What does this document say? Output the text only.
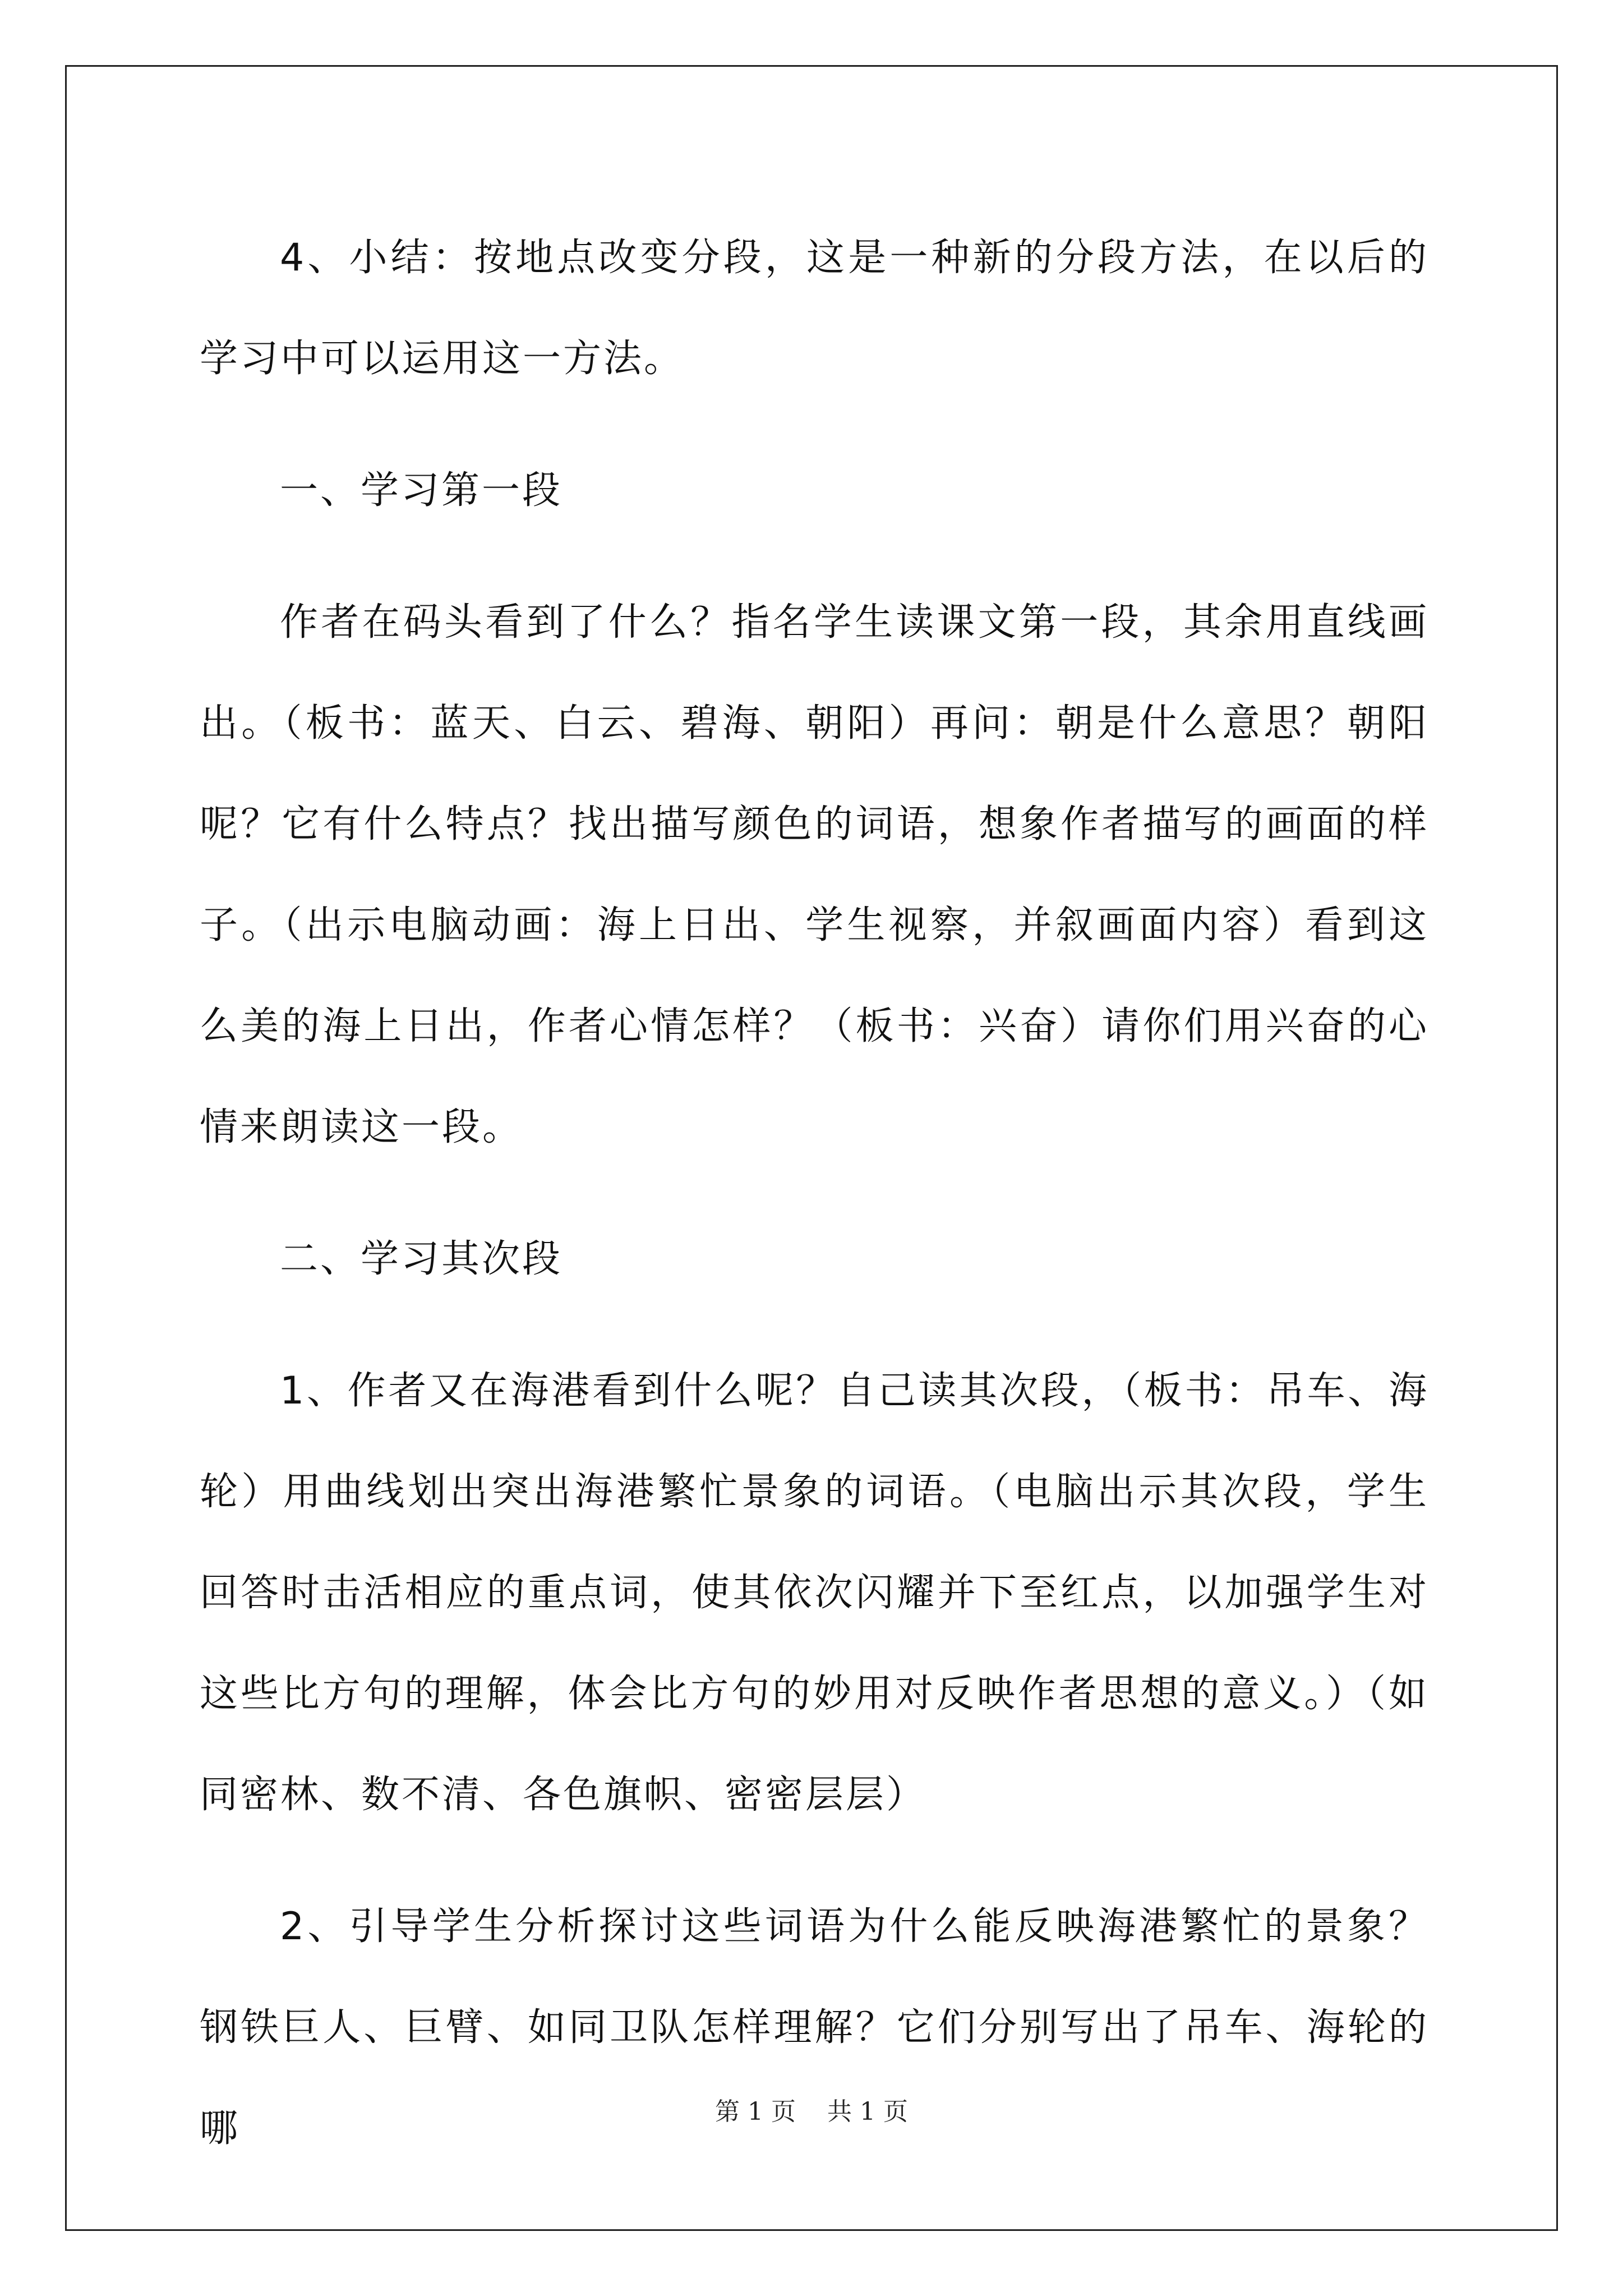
4、小结：按地点改变分段，这是一种新的分段方法，在以后的学习中可以运用这一方法。

一、学习第一段

作者在码头看到了什么？指名学生读课文第一段，其余用直线画出。（板书：蓝天、白云、碧海、朝阳）再问：朝是什么意思？朝阳呢？它有什么特点？找出描写颜色的词语，想象作者描写的画面的样子。（出示电脑动画：海上日出、学生视察，并叙画面内容）看到这么美的海上日出，作者心情怎样？（板书：兴奋）请你们用兴奋的心情来朗读这一段。

二、学习其次段

1、作者又在海港看到什么呢？自己读其次段，（板书：吊车、海轮）用曲线划出突出海港繁忙景象的词语。（电脑出示其次段，学生回答时击活相应的重点词，使其依次闪耀并下至红点，以加强学生对这些比方句的理解，体会比方句的妙用对反映作者思想的意义。）（如同密林、数不清、各色旗帜、密密层层）

2、引导学生分析探讨这些词语为什么能反映海港繁忙的景象？钢铁巨人、巨臂、如同卫队怎样理解？它们分别写出了吊车、海轮的哪	第 1 页 共 1 页
